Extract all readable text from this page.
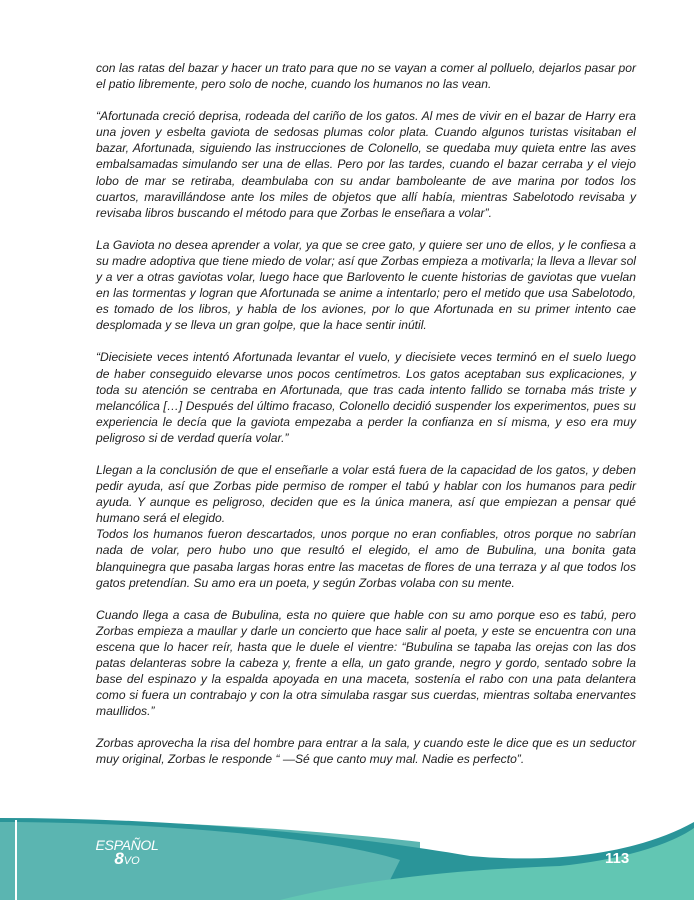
con las ratas del bazar y hacer un trato para que no se vayan a comer al polluelo, dejarlos pasar por el patio libremente, pero solo de noche, cuando los humanos no las vean.

“Afortunada creció deprisa, rodeada del cariño de los gatos. Al mes de vivir en el bazar de Harry era una joven y esbelta gaviota de sedosas plumas color plata. Cuando algunos turistas visitaban el bazar, Afortunada, siguiendo las instrucciones de Colonello, se quedaba muy quieta entre las aves embalsamadas simulando ser una de ellas. Pero por las tardes, cuando el bazar cerraba y el viejo lobo de mar se retiraba, deambulaba con su andar bamboleante de ave marina por todos los cuartos, maravillándose ante los miles de objetos que allí había, mientras Sabelotodo revisaba y revisaba libros buscando el método para que Zorbas le enseñara a volar”.

La Gaviota no desea aprender a volar, ya que se cree gato, y quiere ser uno de ellos, y le confiesa a su madre adoptiva que tiene miedo de volar; así que Zorbas empieza a motivarla; la lleva a llevar sol y a ver a otras gaviotas volar, luego hace que Barlovento le cuente historias de gaviotas que vuelan en las tormentas y logran que Afortunada se anime a intentarlo; pero el metido que usa Sabelotodo, es tomado de los libros, y habla de los aviones, por lo que Afortunada en su primer intento cae desplomada y se lleva un gran golpe, que la hace sentir inútil.

“Diecisiete veces intentó Afortunada levantar el vuelo, y diecisiete veces terminó en el suelo luego de haber conseguido elevarse unos pocos centímetros. Los gatos aceptaban sus explicaciones, y toda su atención se centraba en Afortunada, que tras cada intento fallido se tornaba más triste y melancólica […] Después del último fracaso, Colonello decidió suspender los experimentos, pues su experiencia le decía que la gaviota empezaba a perder la confianza en sí misma, y eso era muy peligroso si de verdad quería volar.”

Llegan a la conclusión de que el enseñarle a volar está fuera de la capacidad de los gatos, y deben pedir ayuda, así que Zorbas pide permiso de romper el tabú y hablar con los humanos para pedir ayuda. Y aunque es peligroso, deciden que es la única manera, así que empiezan a pensar qué humano será el elegido.

Todos los humanos fueron descartados, unos porque no eran confiables, otros porque no sabrían nada de volar, pero hubo uno que resultó el elegido, el amo de Bubulina, una bonita gata blanquinegra que pasaba largas horas entre las macetas de flores de una terraza y al que todos los gatos pretendían. Su amo era un poeta, y según Zorbas volaba con su mente.

Cuando llega a casa de Bubulina, esta no quiere que hable con su amo porque eso es tabú, pero Zorbas empieza a maullar y darle un concierto que hace salir al poeta, y este se encuentra con una escena que lo hacer reír, hasta que le duele el vientre: “Bubulina se tapaba las orejas con las dos patas delanteras sobre la cabeza y, frente a ella, un gato grande, negro y gordo, sentado sobre la base del espinazo y la espalda apoyada en una maceta, sostenía el rabo con una pata delantera como si fuera un contrabajo y con la otra simulaba rasgar sus cuerdas, mientras soltaba enervantes maullidos.”

Zorbas aprovecha la risa del hombre para entrar a la sala, y cuando este le dice que es un seductor muy original, Zorbas le responde “ —Sé que canto muy mal. Nadie es perfecto”.

ESPAÑOL
8VO	113
